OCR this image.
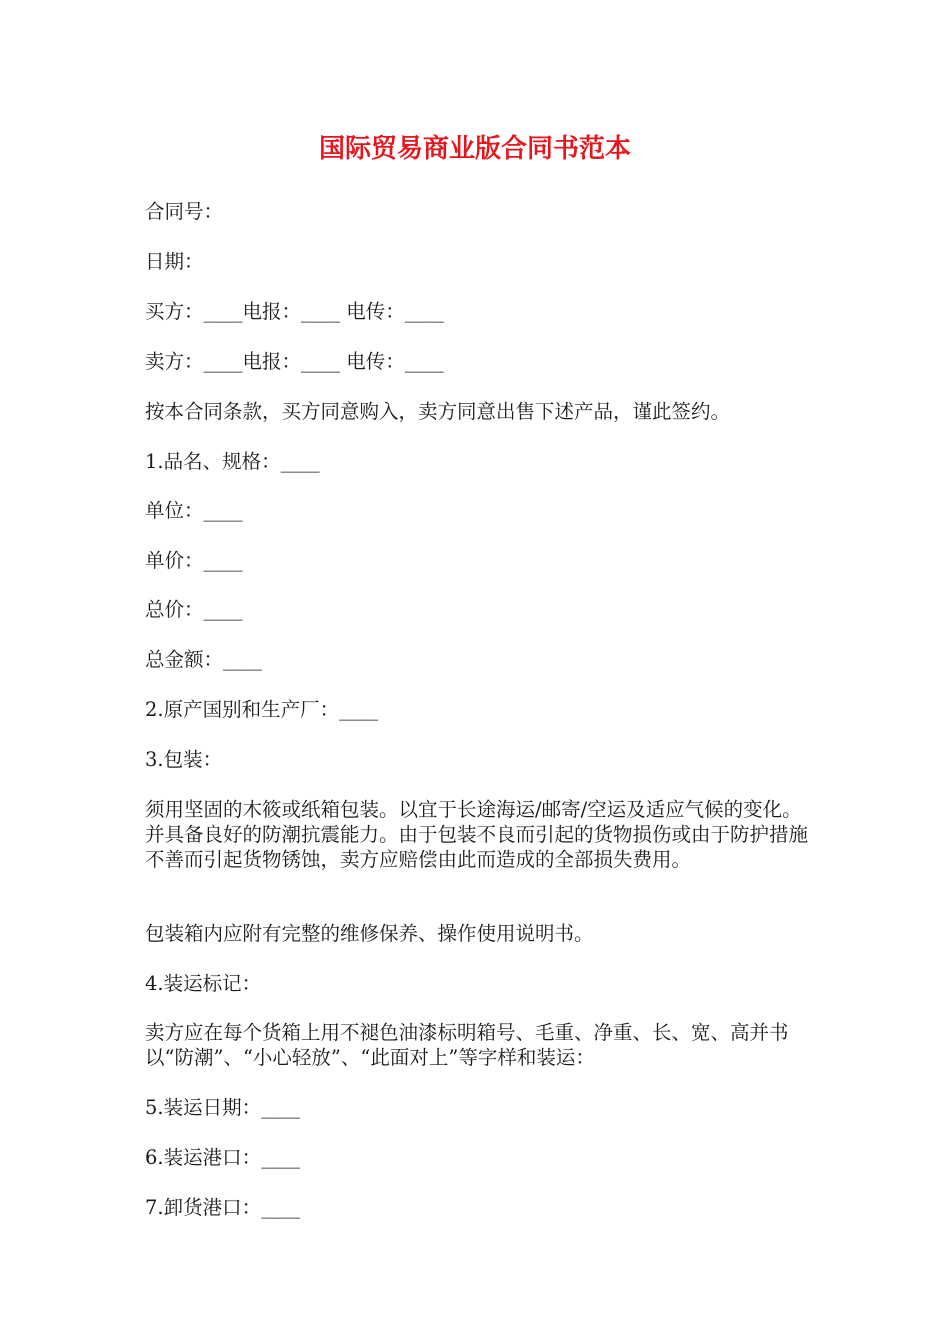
国际贸易商业版合同书范本

合同号：

日期：

买方：____电报：____ 电传：____

卖方：____电报：____ 电传：____

按本合同条款，买方同意购入，卖方同意出售下述产品，谨此签约。

1.品名、规格：____

单位：____

单价：____

总价：____

总金额：____

2.原产国别和生产厂：____

3.包装：

须用坚固的木筱或纸箱包装。以宜于长途海运/邮寄/空运及适应气候的变化。 并具备良好的防潮抗震能力。由于包装不良而引起的货物损伤或由于防护措施不善而引起货物锈蚀，卖方应赔偿由此而造成的全部损失费用。

包装箱内应附有完整的维修保养、操作使用说明书。

4.装运标记：

卖方应在每个货箱上用不褪色油漆标明箱号、毛重、净重、长、宽、高并书以“防潮”、“小心轻放”、“此面对上”等字样和装运：

5.装运日期：____

6.装运港口：____

7.卸货港口：____
